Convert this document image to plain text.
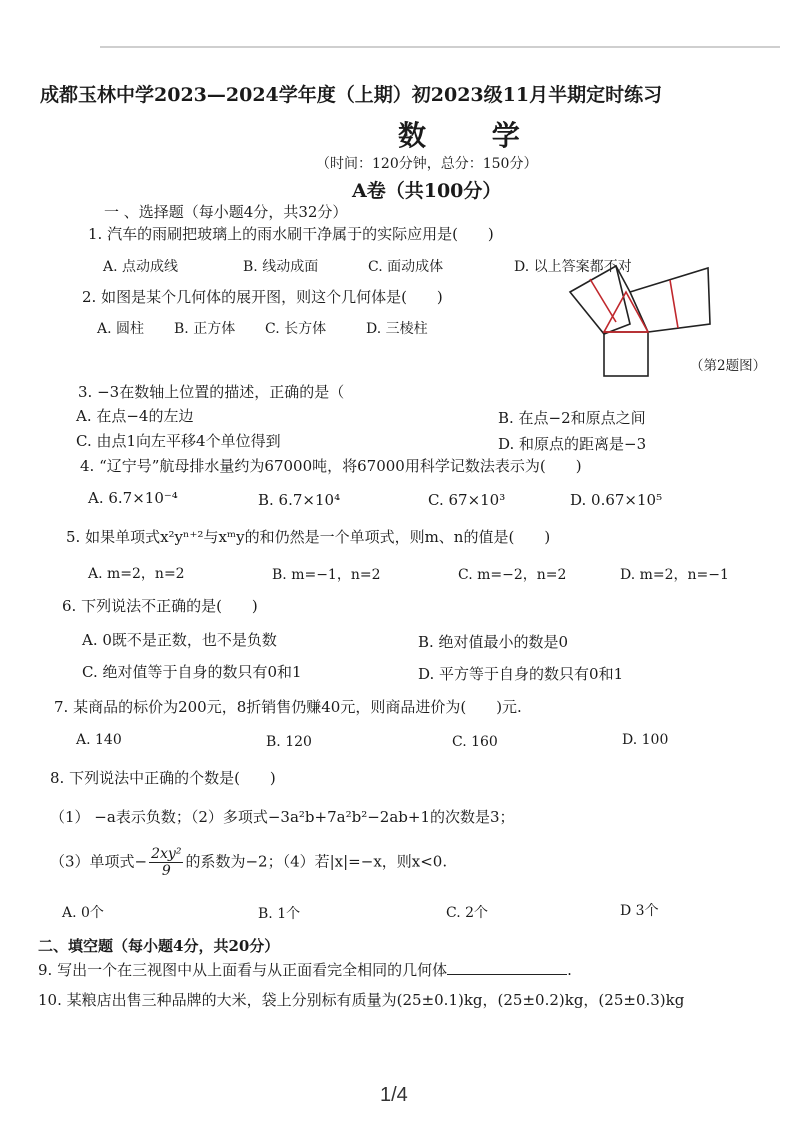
成都玉林中学2023—2024学年度（上期）初2023级11月半期定时练习
数 学
（时间：120分钟，总分：150分）
A卷（共100分）
一 、选择题（每小题4分，共32分）
1. 汽车的雨刷把玻璃上的雨水刷干净属于的实际应用是(　　)
A. 点动成线	B. 线动成面	C. 面动成体	D. 以上答案都不对
2. 如图是某个几何体的展开图，则这个几何体是(　　)
A. 圆柱 B. 正方体 C. 长方体	D. 三棱柱
（第2题图）
3. −3在数轴上位置的描述，正确的是（
A. 在点−4的左边	B. 在点−2和原点之间
C. 由点1向左平移4个单位得到	D. 和原点的距离是−3
4. “辽宁号”航母排水量约为67000吨，将67000用科学记数法表示为(　　)
A. 6.7×10⁻⁴	B. 6.7×10⁴	C. 67×10³	D. 0.67×10⁵
5. 如果单项式x²yⁿ⁺²与xᵐy的和仍然是一个单项式，则m、n的值是(　　)
A. m=2，n=2	B. m=−1，n=2	C. m=−2，n=2	D. m=2，n=−1
6. 下列说法不正确的是(　　)
A. 0既不是正数，也不是负数	B. 绝对值最小的数是0
C. 绝对值等于自身的数只有0和1	D. 平方等于自身的数只有0和1
7. 某商品的标价为200元，8折销售仍赚40元，则商品进价为(　　)元.
A. 140	B. 120	C. 160	D. 100
8. 下列说法中正确的个数是(　　)
（1） −a表示负数；（2）多项式−3a²b+7a²b²−2ab+1的次数是3；
（3）单项式− $\frac{\text{2xy²}}{9}$ 的系数为−2；（4）若|x|=−x，则x<0.
A. 0个	B. 1个	C. 2个	D 3个
二、填空题（每小题4分，共20分）
9. 写出一个在三视图中从上面看与从正面看完全相同的几何体	.
10. 某粮店出售三种品牌的大米，袋上分别标有质量为(25±0.1)kg，(25±0.2)kg，(25±0.3)kg
1/4
